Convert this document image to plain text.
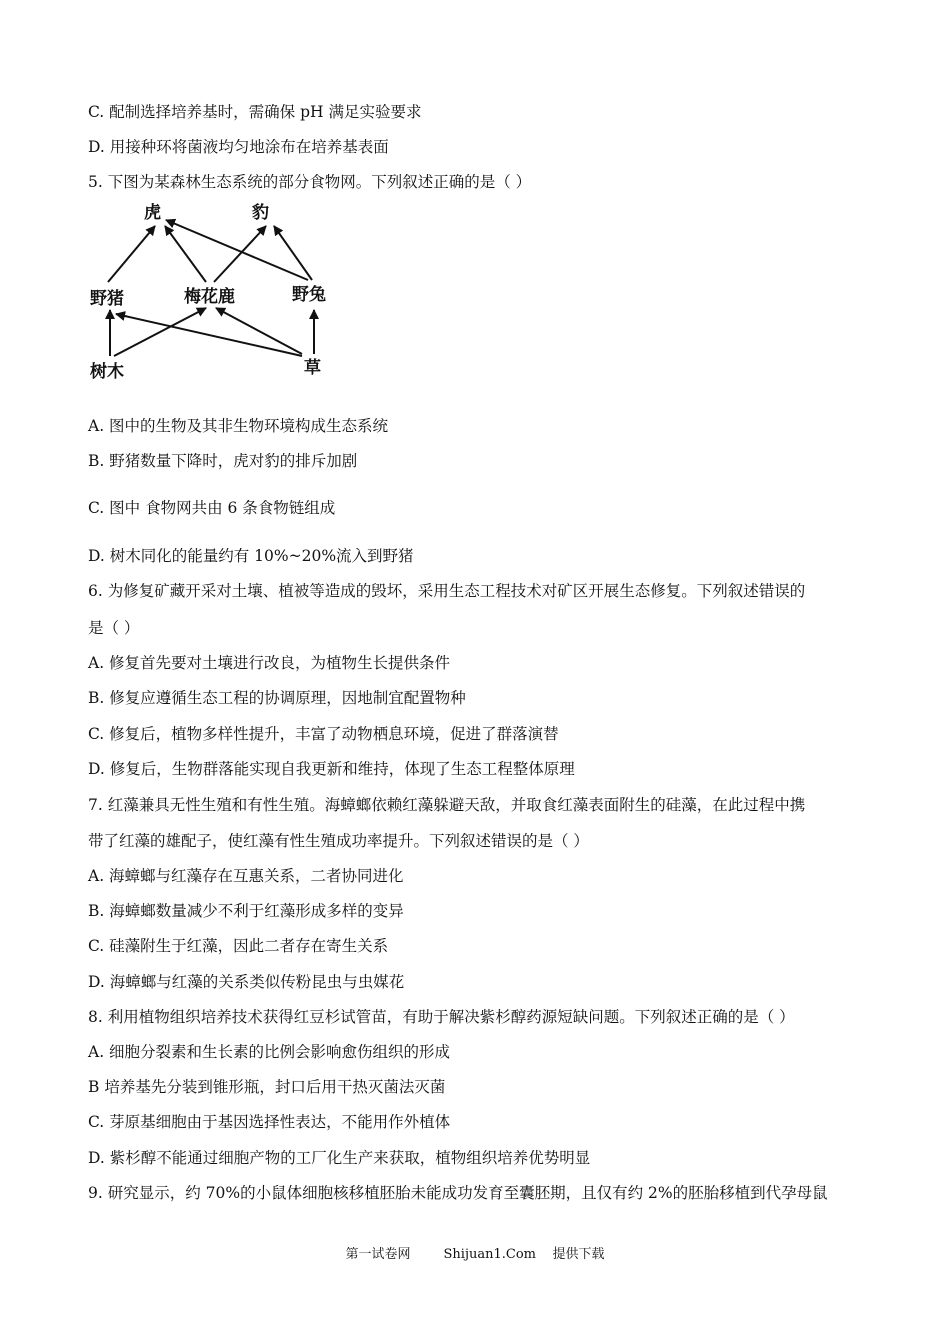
C. 配制选择培养基时，需确保 pH 满足实验要求
D. 用接种环将菌液均匀地涂布在培养基表面
5. 下图为某森林生态系统的部分食物网。下列叙述正确的是（ ）
虎	豹
野猪	梅花鹿	野兔
树木	草
A. 图中的生物及其非生物环境构成生态系统
B. 野猪数量下降时，虎对豹的排斥加剧
C. 图中 食物网共由 6 条食物链组成
D. 树木同化的能量约有 10%~20%流入到野猪
6. 为修复矿藏开采对土壤、植被等造成的毁坏，采用生态工程技术对矿区开展生态修复。下列叙述错误的
是（ ）
A. 修复首先要对土壤进行改良，为植物生长提供条件
B. 修复应遵循生态工程的协调原理，因地制宜配置物种
C. 修复后，植物多样性提升，丰富了动物栖息环境，促进了群落演替
D. 修复后，生物群落能实现自我更新和维持，体现了生态工程整体原理
7. 红藻兼具无性生殖和有性生殖。海蟑螂依赖红藻躲避天敌，并取食红藻表面附生的硅藻，在此过程中携
带了红藻的雄配子，使红藻有性生殖成功率提升。下列叙述错误的是（ ）
A. 海蟑螂与红藻存在互惠关系，二者协同进化
B. 海蟑螂数量减少不利于红藻形成多样的变异
C. 硅藻附生于红藻，因此二者存在寄生关系
D. 海蟑螂与红藻的关系类似传粉昆虫与虫媒花
8. 利用植物组织培养技术获得红豆杉试管苗，有助于解决紫杉醇药源短缺问题。下列叙述正确的是（ ）
A. 细胞分裂素和生长素的比例会影响愈伤组织的形成
B 培养基先分装到锥形瓶，封口后用干热灭菌法灭菌
C. 芽原基细胞由于基因选择性表达，不能用作外植体
D. 紫杉醇不能通过细胞产物的工厂化生产来获取，植物组织培养优势明显
9. 研究显示，约 70%的小鼠体细胞核移植胚胎未能成功发育至囊胚期，且仅有约 2%的胚胎移植到代孕母鼠
第一试卷网        Shijuan1.Com    提供下载
